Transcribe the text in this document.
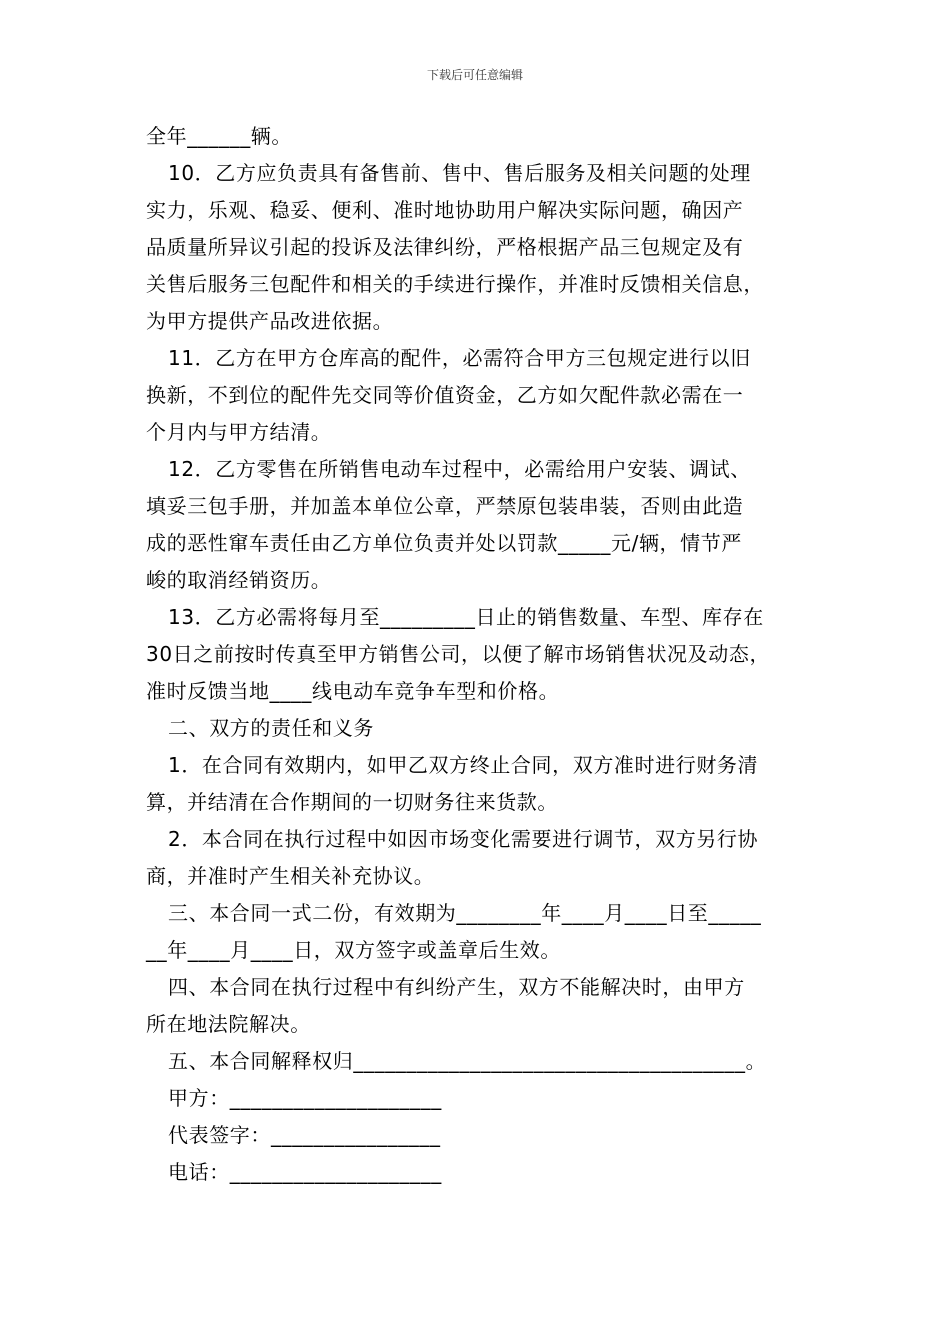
下载后可任意编辑
全年______辆。
10．乙方应负责具有备售前、售中、售后服务及相关问题的处理
实力，乐观、稳妥、便利、准时地协助用户解决实际问题，确因产
品质量所异议引起的投诉及法律纠纷，严格根据产品三包规定及有
关售后服务三包配件和相关的手续进行操作，并准时反馈相关信息，
为甲方提供产品改进依据。
11．乙方在甲方仓库高的配件，必需符合甲方三包规定进行以旧
换新，不到位的配件先交同等价值资金，乙方如欠配件款必需在一
个月内与甲方结清。
12．乙方零售在所销售电动车过程中，必需给用户安装、调试、
填妥三包手册，并加盖本单位公章，严禁原包装串装，否则由此造
成的恶性窜车责任由乙方单位负责并处以罚款_____元/辆，情节严
峻的取消经销资历。
13．乙方必需将每月至_________日止的销售数量、车型、库存在
30日之前按时传真至甲方销售公司，以便了解市场销售状况及动态，
准时反馈当地____线电动车竞争车型和价格。
二、双方的责任和义务
1．在合同有效期内，如甲乙双方终止合同，双方准时进行财务清
算，并结清在合作期间的一切财务往来货款。
2．本合同在执行过程中如因市场变化需要进行调节，双方另行协
商，并准时产生相关补充协议。
三、本合同一式二份，有效期为________年____月____日至_____
__年____月____日，双方签字或盖章后生效。
四、本合同在执行过程中有纠纷产生，双方不能解决时，由甲方
所在地法院解决。
五、本合同解释权归_____________________________________。
甲方：____________________
代表签字：________________
电话：____________________
